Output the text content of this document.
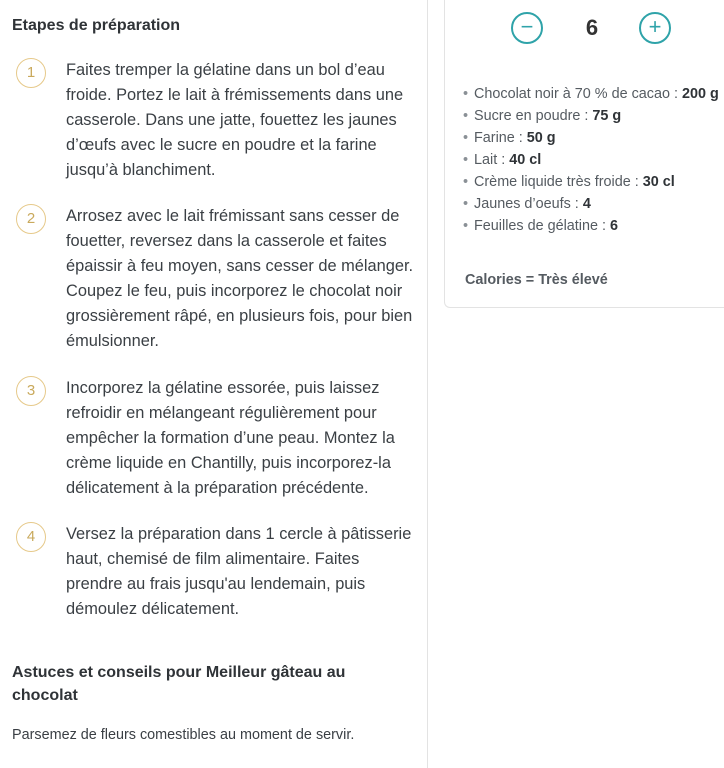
Etapes de préparation
1	Faites tremper la gélatine dans un bol d’eau froide. Portez le lait à frémissements dans une casserole. Dans une jatte, fouettez les jaunes d’œufs avec le sucre en poudre et la farine jusqu’à blanchiment.

2	Arrosez avec le lait frémissant sans cesser de fouetter, reversez dans la casserole et faites épaissir à feu moyen, sans cesser de mélanger. Coupez le feu, puis incorporez le chocolat noir grossièrement râpé, en plusieurs fois, pour bien émulsionner.

3	Incorporez la gélatine essorée, puis laissez refroidir en mélangeant régulièrement pour empêcher la formation d’une peau. Montez la crème liquide en Chantilly, puis incorporez-la délicatement à la préparation précédente.

4	Versez la préparation dans 1 cercle à pâtisserie haut, chemisé de film alimentaire. Faites prendre au frais jusqu'au lendemain, puis démoulez délicatement.

Astuces et conseils pour Meilleur gâteau au chocolat

Parsemez de fleurs comestibles au moment de servir.

−	6	+
• Chocolat noir à 70 % de cacao : 200 g
• Sucre en poudre : 75 g
• Farine : 50 g
• Lait : 40 cl
• Crème liquide très froide : 30 cl
• Jaunes d’oeufs : 4
• Feuilles de gélatine : 6
Calories = Très élevé
